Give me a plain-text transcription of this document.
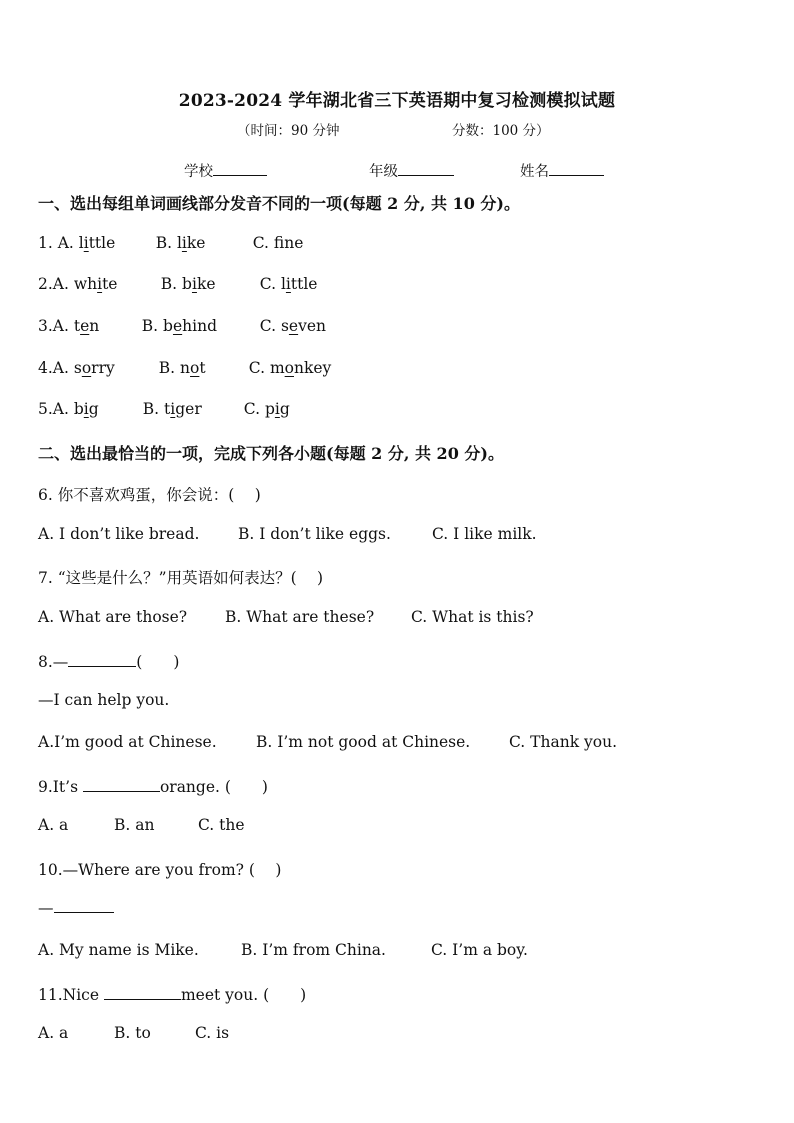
2023-2024 学年湖北省三下英语期中复习检测模拟试题
（时间：90 分钟	分数：100 分）
学校	年级	姓名
一、选出每组单词画线部分发音不同的一项(每题 2 分, 共 10 分)。
1. A. little	B. like	C. fne
2.A. white	B. bike	C. little
3.A. ten	B. behind	C. seven
4.A. sorry	B. not	C. monkey
5.A. big	B. tiger	C. pig
二、选出最恰当的一项，完成下列各小题(每题 2 分, 共 20 分)。
6. 你不喜欢鸡蛋，你会说：(　 )
A. I don’t like bread. B. I don’t like eggs.	C. I like milk.
7. “这些是什么？”用英语如何表达？(　 )
A. What are those? B. What are these? C. What is this?
8.—	(　　)
—I can help you.
A.I’m good at Chinese.	B. I’m not good at Chinese.	C. Thank you.
9.It’s	orange. (　　)
A. a	B. an	C. the
10.—Where are you from? (　 )
—
A. My name is Mike.	B. I’m from China.	C. I’m a boy.
11.Nice	meet you. (　　)
A. a	B. to	C. is
